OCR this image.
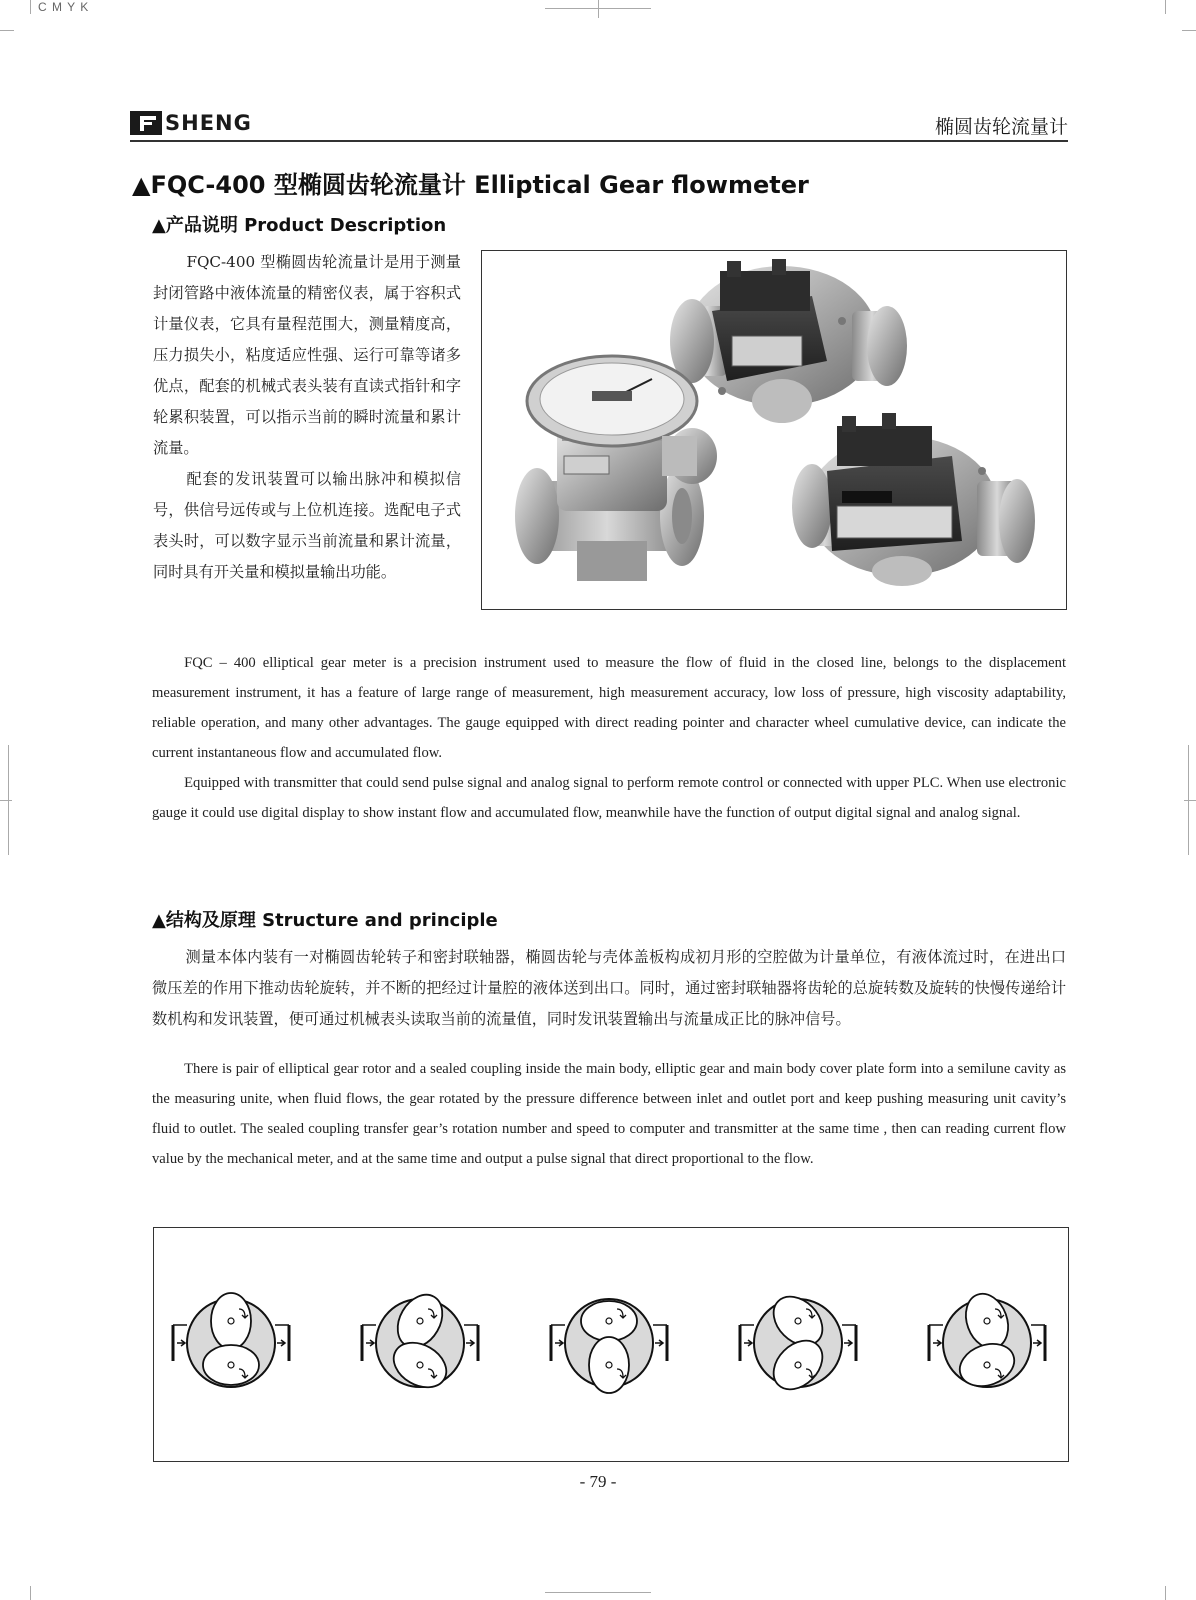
C M Y K
SHENG	椭圆齿轮流量计
▲FQC-400 型椭圆齿轮流量计 Elliptical Gear flowmeter
▲产品说明 Product Description

FQC-400 型椭圆齿轮流量计是用于测量封闭管路中液体流量的精密仪表，属于容积式计量仪表，它具有量程范围大，测量精度高，压力损失小，粘度适应性强、运行可靠等诸多优点，配套的机械式表头装有直读式指针和字轮累积装置，可以指示当前的瞬时流量和累计流量。

配套的发讯装置可以输出脉冲和模拟信号，供信号远传或与上位机连接。选配电子式表头时，可以数字显示当前流量和累计流量，同时具有开关量和模拟量输出功能。

FQC – 400 elliptical gear meter is a precision instrument used to measure the flow of fluid in the closed line, belongs to the displacement measurement instrument, it has a feature of large range of measurement, high measurement accuracy, low loss of pressure, high viscosity adaptability, reliable operation, and many other advantages. The gauge equipped with direct reading pointer and character wheel cumulative device, can indicate the current instantaneous flow and accumulated flow.

Equipped with transmitter that could send pulse signal and analog signal to perform remote control or connected with upper PLC. When use electronic gauge it could use digital display to show instant flow and accumulated flow, meanwhile have the function of output digital signal and analog signal.

▲结构及原理 Structure and principle

测量本体内装有一对椭圆齿轮转子和密封联轴器，椭圆齿轮与壳体盖板构成初月形的空腔做为计量单位，有液体流过时，在进出口微压差的作用下推动齿轮旋转，并不断的把经过计量腔的液体送到出口。同时，通过密封联轴器将齿轮的总旋转数及旋转的快慢传递给计数机构和发讯装置，便可通过机械表头读取当前的流量值，同时发讯装置输出与流量成正比的脉冲信号。

There is pair of elliptical gear rotor and a sealed coupling inside the main body, elliptic gear and main body cover plate form into a semilune cavity as the measuring unite, when fluid flows, the gear rotated by the pressure difference between inlet and outlet port and keep pushing measuring unit cavity’s fluid to outlet. The sealed coupling transfer gear’s rotation number and speed to computer and transmitter at the same time , then can reading current flow value by the mechanical meter, and at the same time and output a pulse signal that direct proportional to the flow.

- 79 -
